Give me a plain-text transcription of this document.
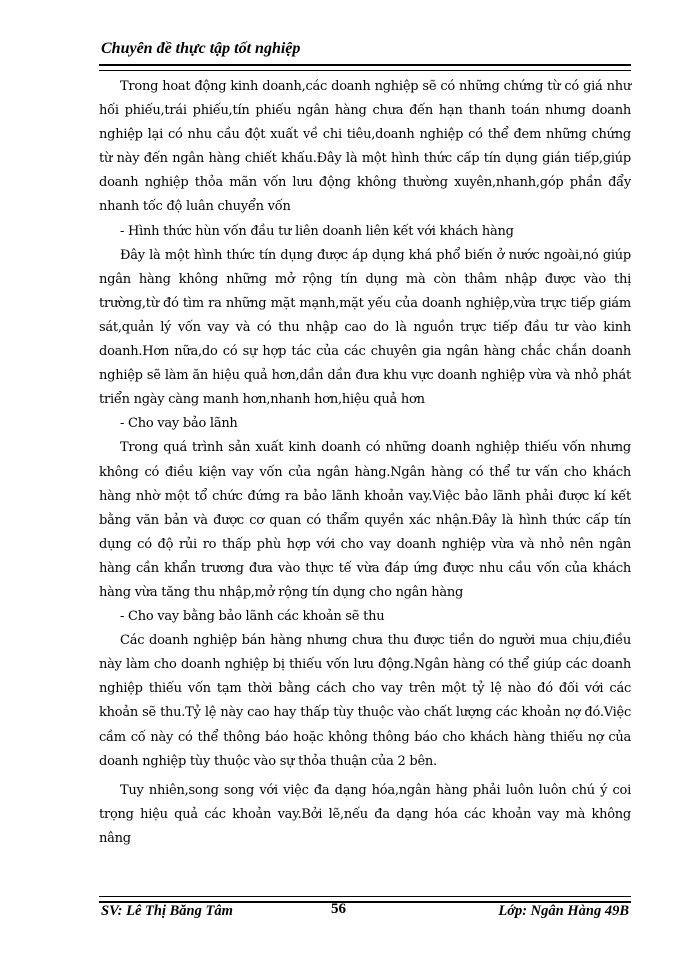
Chuyên đề thực tập tốt nghiệp

Trong hoat động kinh doanh,các doanh nghiệp sẽ có những chứng từ có giá như hối phiếu,trái phiếu,tín phiếu ngân hàng chưa đến hạn thanh toán nhưng doanh nghiệp lại có nhu cầu đột xuất về chi tiêu,doanh nghiệp có thể đem những chứng từ này đến ngân hàng chiết khấu.Đây là một hình thức cấp tín dụng gián tiếp,giúp doanh nghiệp thỏa mãn vốn lưu động không thường xuyên,nhanh,góp phần đẩy nhanh tốc độ luân chuyển vốn

- Hình thức hùn vốn đầu tư liên doanh liên kết với khách hàng

Đây là một hình thức tín dụng được áp dụng khá phổ biến ở nước ngoài,nó giúp ngân hàng không những mở rộng tín dụng mà còn thâm nhập được vào thị trường,từ đó tìm ra những mặt mạnh,mặt yếu của doanh nghiệp,vừa trực tiếp giám sát,quản lý vốn vay và có thu nhập cao do là nguồn trực tiếp đầu tư vào kinh doanh.Hơn nữa,do có sự hợp tác của các chuyên gia ngân hàng chắc chắn doanh nghiệp sẽ làm ăn hiệu quả hơn,dần dần đưa khu vực doanh nghiệp vừa và nhỏ phát triển ngày càng manh hơn,nhanh hơn,hiệu quả hơn

- Cho vay bảo lãnh

Trong quá trình sản xuất kinh doanh có những doanh nghiệp thiếu vốn nhưng không có điều kiện vay vốn của ngân hàng.Ngân hàng có thể tư vấn cho khách hàng nhờ một tổ chức đứng ra bảo lãnh khoản vay.Việc bảo lãnh phải được kí kết bằng văn bản và được cơ quan có thẩm quyền xác nhận.Đây là hình thức cấp tín dụng có độ rủi ro thấp phù hợp với cho vay doanh nghiệp vừa và nhỏ nên ngân hàng cần khẩn trương đưa vào thực tế vừa đáp ứng được nhu cầu vốn của khách hàng vừa tăng thu nhập,mở rộng tín dụng cho ngân hàng

- Cho vay bằng bảo lãnh các khoản sẽ thu

Các doanh nghiệp bán hàng nhưng chưa thu được tiền do người mua chịu,điều này làm cho doanh nghiệp bị thiếu vốn lưu động.Ngân hàng có thể giúp các doanh nghiệp thiếu vốn tạm thời bằng cách cho vay trên một tỷ lệ nào đó đối với các khoản sẽ thu.Tỷ lệ này cao hay thấp tùy thuộc vào chất lượng các khoản nợ đó.Việc cầm cố này có thể thông báo hoặc không thông báo cho khách hàng thiếu nợ của doanh nghiệp tùy thuộc vào sự thỏa thuận của 2 bên.

Tuy nhiên,song song với việc đa dạng hóa,ngân hàng phải luôn luôn chú ý coi trọng hiệu quả các khoản vay.Bởi lẽ,nếu đa dạng hóa các khoản vay mà không nâng

SV: Lê Thị Băng Tâm	56	Lớp: Ngân Hàng 49B
